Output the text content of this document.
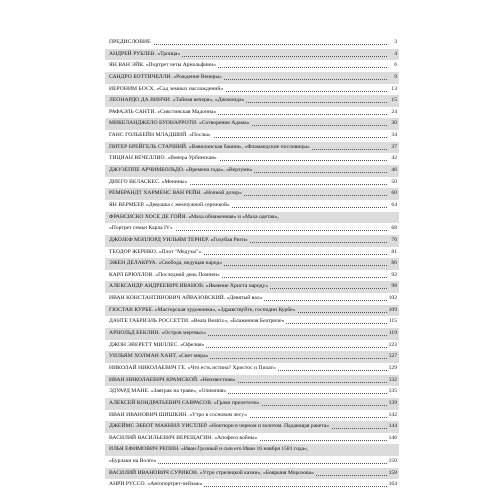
ПРЕДИСЛОВИЕ	3
АНДРЕЙ РУБЛЕВ. «Троица»	4
ЯН ВАН ЭЙК. «Портрет четы Арнольфини»	6
САНДРО БОТТИЧЕЛЛИ. «Рождение Венеры»	9
ИЕРОНИМ БОСХ. «Сад земных наслаждений»	13
ЛЕОНАРДО ДА ВИНЧИ. «Тайная вечеря», «Джоконда»	15
РАФАЭЛЬ САНТИ. «Сикстинская Мадонна»	24
МИКЕЛАНДЖЕЛО БУОНАРРОТИ. «Сотворение Адама»	30
ГАНС ГОЛЬБЕЙН МЛАДШИЙ. «Послы»	34
ПИТЕР БРЕЙГЕЛЬ СТАРШИЙ. «Вавилонская башня», «Фламандские пословицы»	37
ТИЦИАН ВЕЧЕЛЛИО. «Венера Урбинская»	42
ДЖУЗЕППЕ АРЧИМБОЛЬДО. «Времена года», «Вертумн»	46
ДИЕГО ВЕЛАСКЕС. «Менины»	50
РЕМБРАНДТ ХАРМЕНС ВАН РЕЙН. «Ночной дозор»	60
ЯН ВЕРМЕЕР. «Девушка с жемчужной сережкой»	64
ФРАНСИСКО ХОСЕ ДЕ ГОЙЯ. «Маха обнаженная» и «Маха одетая»,
«Портрет семьи Карла IV»	68
ДЖОЗЕФ МЭЛЛОРД УИЛЬЯМ ТЕРНЕР. «Голубая Риги»	76
ТЕОДОР ЖЕРИКО. «Плот "Медузы"»	81
ЭЖЕН ДЕЛАКРУА. «Свобода, ведущая народ»	86
КАРЛ БРЮЛЛОВ. «Последний день Помпеи»	92
АЛЕКСАНДР АНДРЕЕВИЧ ИВАНОВ. «Явление Христа народу»	98
ИВАН КОНСТАНТИНОВИЧ АЙВАЗОВСКИЙ. «Девятый вал»	102
ГЮСТАВ КУРБЕ. «Мастерская художника», «Здравствуйте, господин Курбе»	109
ДАНТЕ ГАБРИЭЛЬ РОССЕТТИ. «Beata Beatrix», «Блаженная Беатриче»	115
АРНОЛЬД БЕКЛИН. «Остров мертвых»	119
ДЖОН ЭВЕРЕТТ МИЛЛЕС. «Офелия»	123
УИЛЬЯМ ХОЛМАН ХАНТ. «Свет мира»	127
НИКОЛАЙ НИКОЛАЕВИЧ ГЕ. «Что есть истина? Христос и Пилат»	129
ИВАН НИКОЛАЕВИЧ КРАМСКОЙ. «Неизвестная»	132
ЭДУАРД МАНЕ. «Завтрак на траве», «Олимпия»	135
АЛЕКСЕЙ КОНДРАТЬЕВИЧ САВРАСОВ. «Грачи прилетели»	139
ИВАН ИВАНОВИЧ ШИШКИН. «Утро в сосновом лесу»	142
ДЖЕЙМС ЭББОТ МАКНИЛ УИСТЛЕР. «Ноктюрн в черном и золотом. Падающая ракета»	144
ВАСИЛИЙ ВАСИЛЬЕВИЧ ВЕРЕЩАГИН. «Апофеоз войны»	146
ИЛЬЯ ЕФИМОВИЧ РЕПИН. «Иван Грозный и сын его Иван 16 ноября 1581 года»,
«Бурлаки на Волге»	150
ВАСИЛИЙ ИВАНОВИЧ СУРИКОВ. «Утро стрелецкой казни», «Боярыня Морозова»	158
АНРИ РУССО. «Автопортрет-пейзаж»	164
